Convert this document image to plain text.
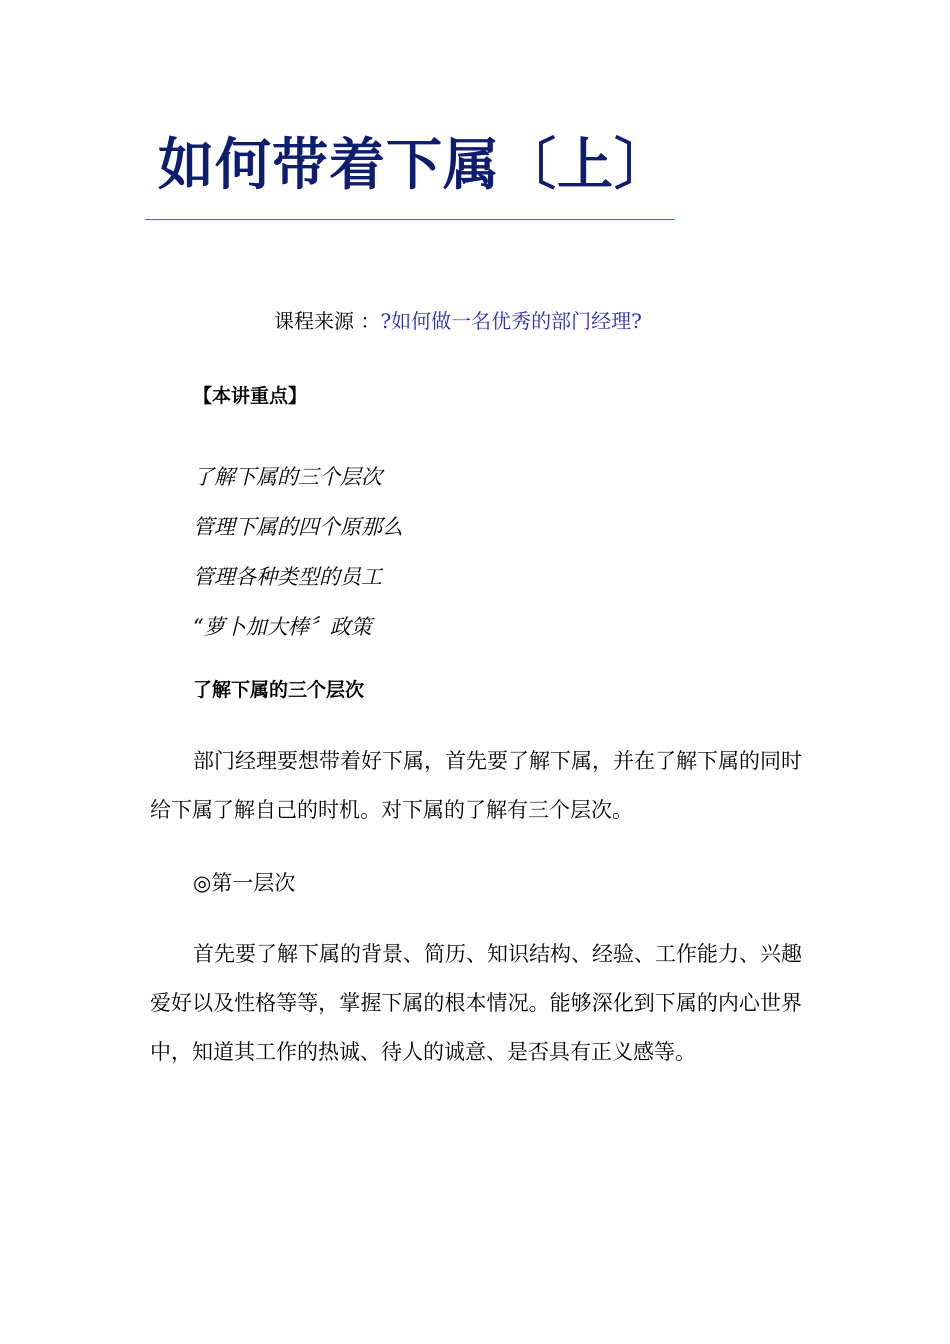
如何带着下属〔上〕
课程来源 ：?如何做一名优秀的部门经理?
【本讲重点】
了解下属的三个层次
管理下属的四个原那么
管理各种类型的员工
“萝卜加大棒〞政策
了解下属的三个层次

部门经理要想带着好下属，首先要了解下属，并在了解下属的同时给下属了解自己的时机。对下属的了解有三个层次。

◎第一层次

首先要了解下属的背景、简历、知识结构、经验、工作能力、兴趣爱好以及性格等等，掌握下属的根本情况。能够深化到下属的内心世界中，知道其工作的热诚、待人的诚意、是否具有正义感等。
